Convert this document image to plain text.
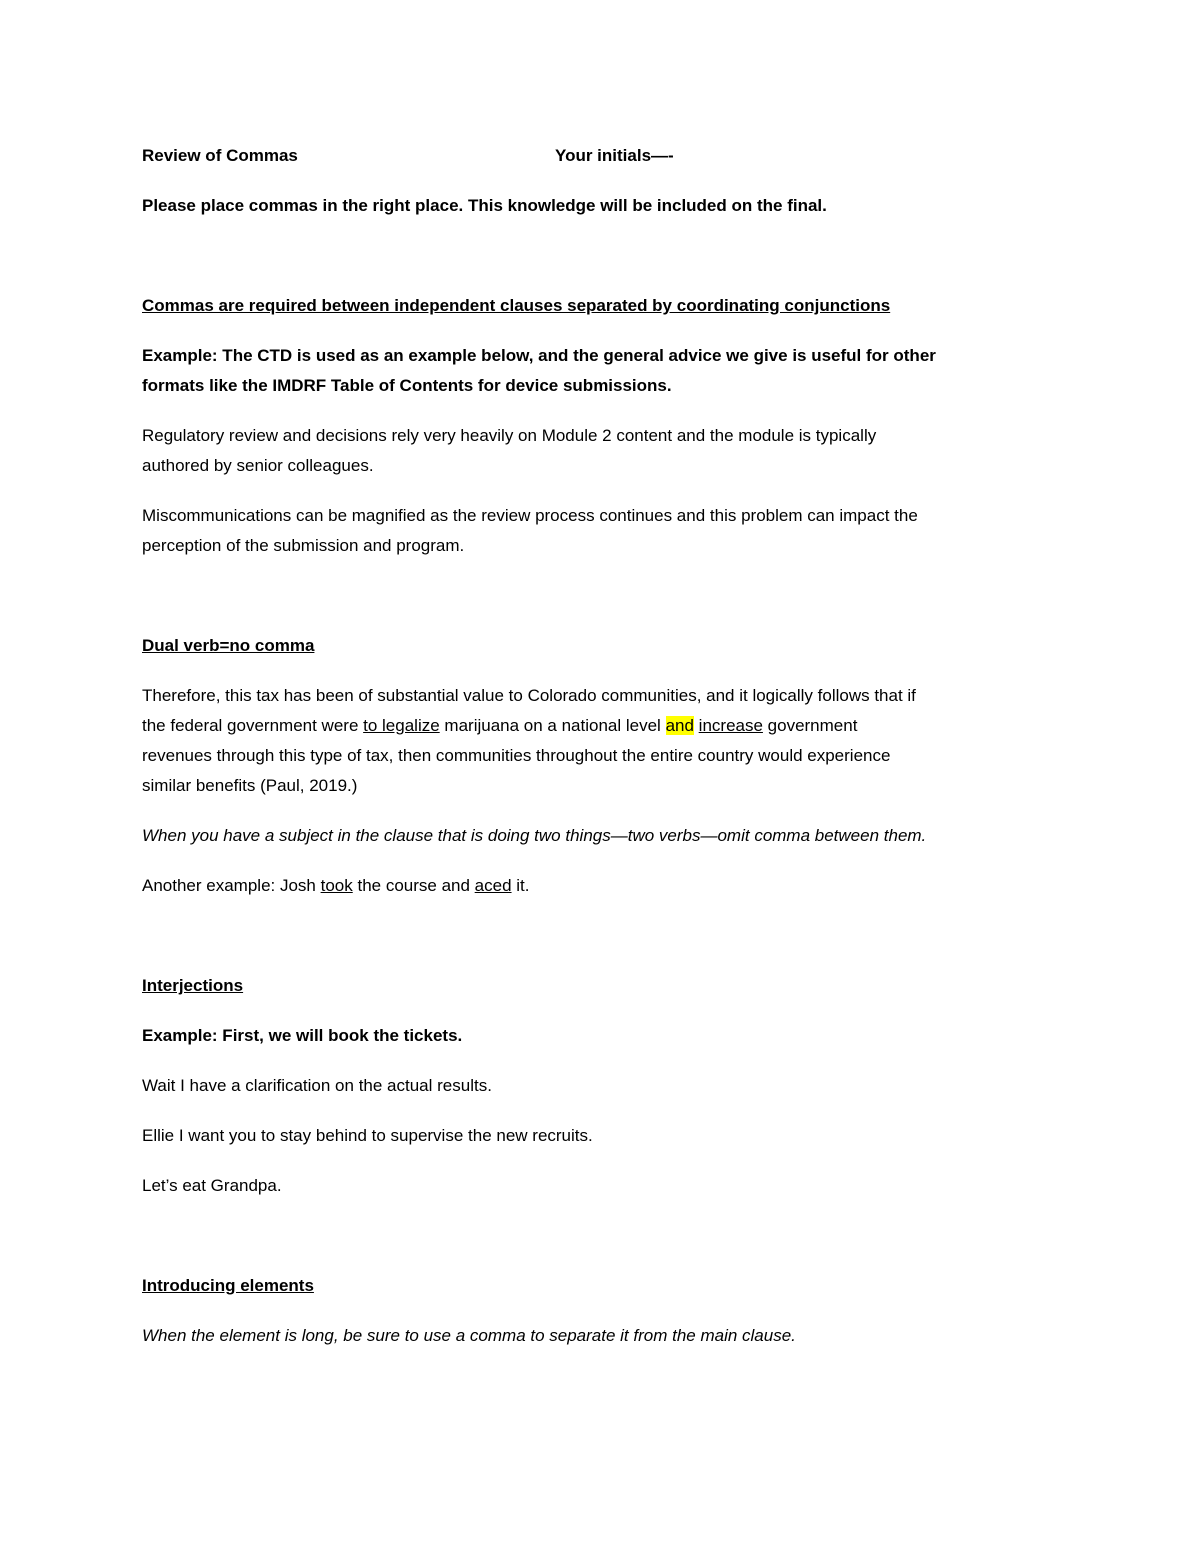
Review of Commas	Your initials—-
Please place commas in the right place. This knowledge will be included on the final.
Commas are required between independent clauses separated by coordinating conjunctions
Example: The CTD is used as an example below, and the general advice we give is useful for other
formats like the IMDRF Table of Contents for device submissions.
Regulatory review and decisions rely very heavily on Module 2 content and the module is typically
authored by senior colleagues.
Miscommunications can be magnified as the review process continues and this problem can impact the
perception of the submission and program.
Dual verb=no comma
Therefore, this tax has been of substantial value to Colorado communities, and it logically follows that if
the federal government were to legalize marijuana on a national level and increase government
revenues through this type of tax, then communities throughout the entire country would experience
similar benefits (Paul, 2019.)
When you have a subject in the clause that is doing two things—two verbs—omit comma between them.
Another example: Josh took the course and aced it.
Interjections
Example: First, we will book the tickets.
Wait I have a clarification on the actual results.
Ellie I want you to stay behind to supervise the new recruits.
Let’s eat Grandpa.
Introducing elements
When the element is long, be sure to use a comma to separate it from the main clause.
